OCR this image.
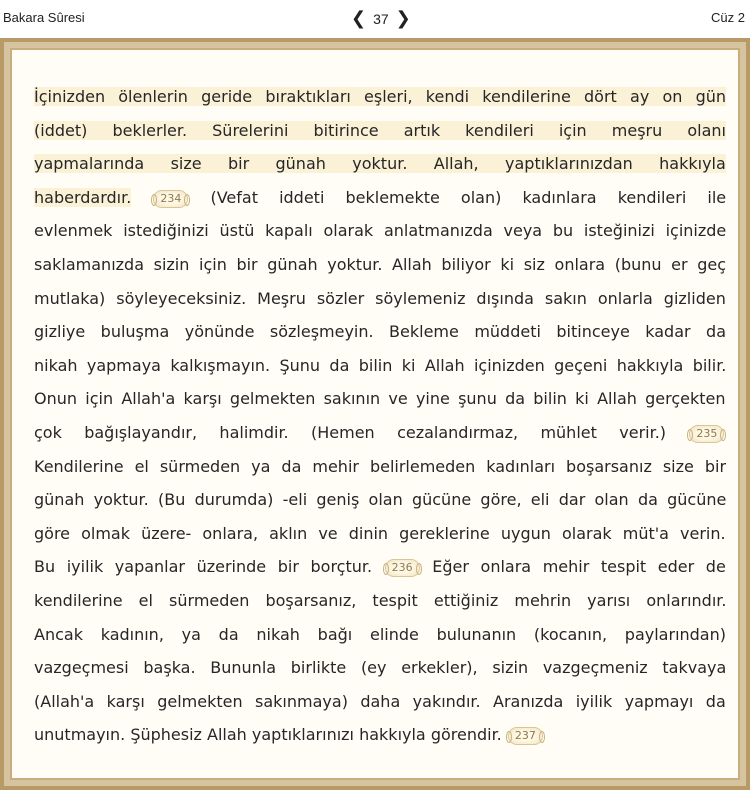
Bakara Sûresi	❮ 37 ❯	Cüz 2
İçinizden ölenlerin geride bıraktıkları eşleri, kendi kendilerine dört ay on gün
(iddet) beklerler. Sürelerini bitirince artık kendileri için meşru olanı
yapmalarında size bir günah yoktur. Allah, yaptıklarınızdan hakkıyla
haberdardır.	234 (Vefat iddeti beklemekte olan) kadınlara kendileri ile
evlenmek istediğinizi üstü kapalı olarak anlatmanızda veya bu isteğinizi içinizde
saklamanızda sizin için bir günah yoktur. Allah biliyor ki siz onlara (bunu er geç
mutlaka) söyleyeceksiniz. Meşru sözler söylemeniz dışında sakın onlarla gizliden
gizliye buluşma yönünde sözleşmeyin. Bekleme müddeti bitinceye kadar da
nikah yapmaya kalkışmayın. Şunu da bilin ki Allah içinizden geçeni hakkıyla bilir.
Onun için Allah'a karşı gelmekten sakının ve yine şunu da bilin ki Allah gerçekten
çok bağışlayandır, halimdir. (Hemen cezalandırmaz, mühlet verir.)	235
Kendilerine el sürmeden ya da mehir belirlemeden kadınları boşarsanız size bir
günah yoktur. (Bu durumda) -eli geniş olan gücüne göre, eli dar olan da gücüne
göre olmak üzere- onlara, aklın ve dinin gereklerine uygun olarak müt'a verin.
Bu iyilik yapanlar üzerinde bir borçtur. 236 Eğer onlara mehir tespit eder de
kendilerine el sürmeden boşarsanız, tespit ettiğiniz mehrin yarısı onlarındır.
Ancak kadının, ya da nikah bağı elinde bulunanın (kocanın, paylarından)
vazgeçmesi başka. Bununla birlikte (ey erkekler), sizin vazgeçmeniz takvaya
(Allah'a karşı gelmekten sakınmaya) daha yakındır. Aranızda iyilik yapmayı da
unutmayın. Şüphesiz Allah yaptıklarınızı hakkıyla görendir. 237
